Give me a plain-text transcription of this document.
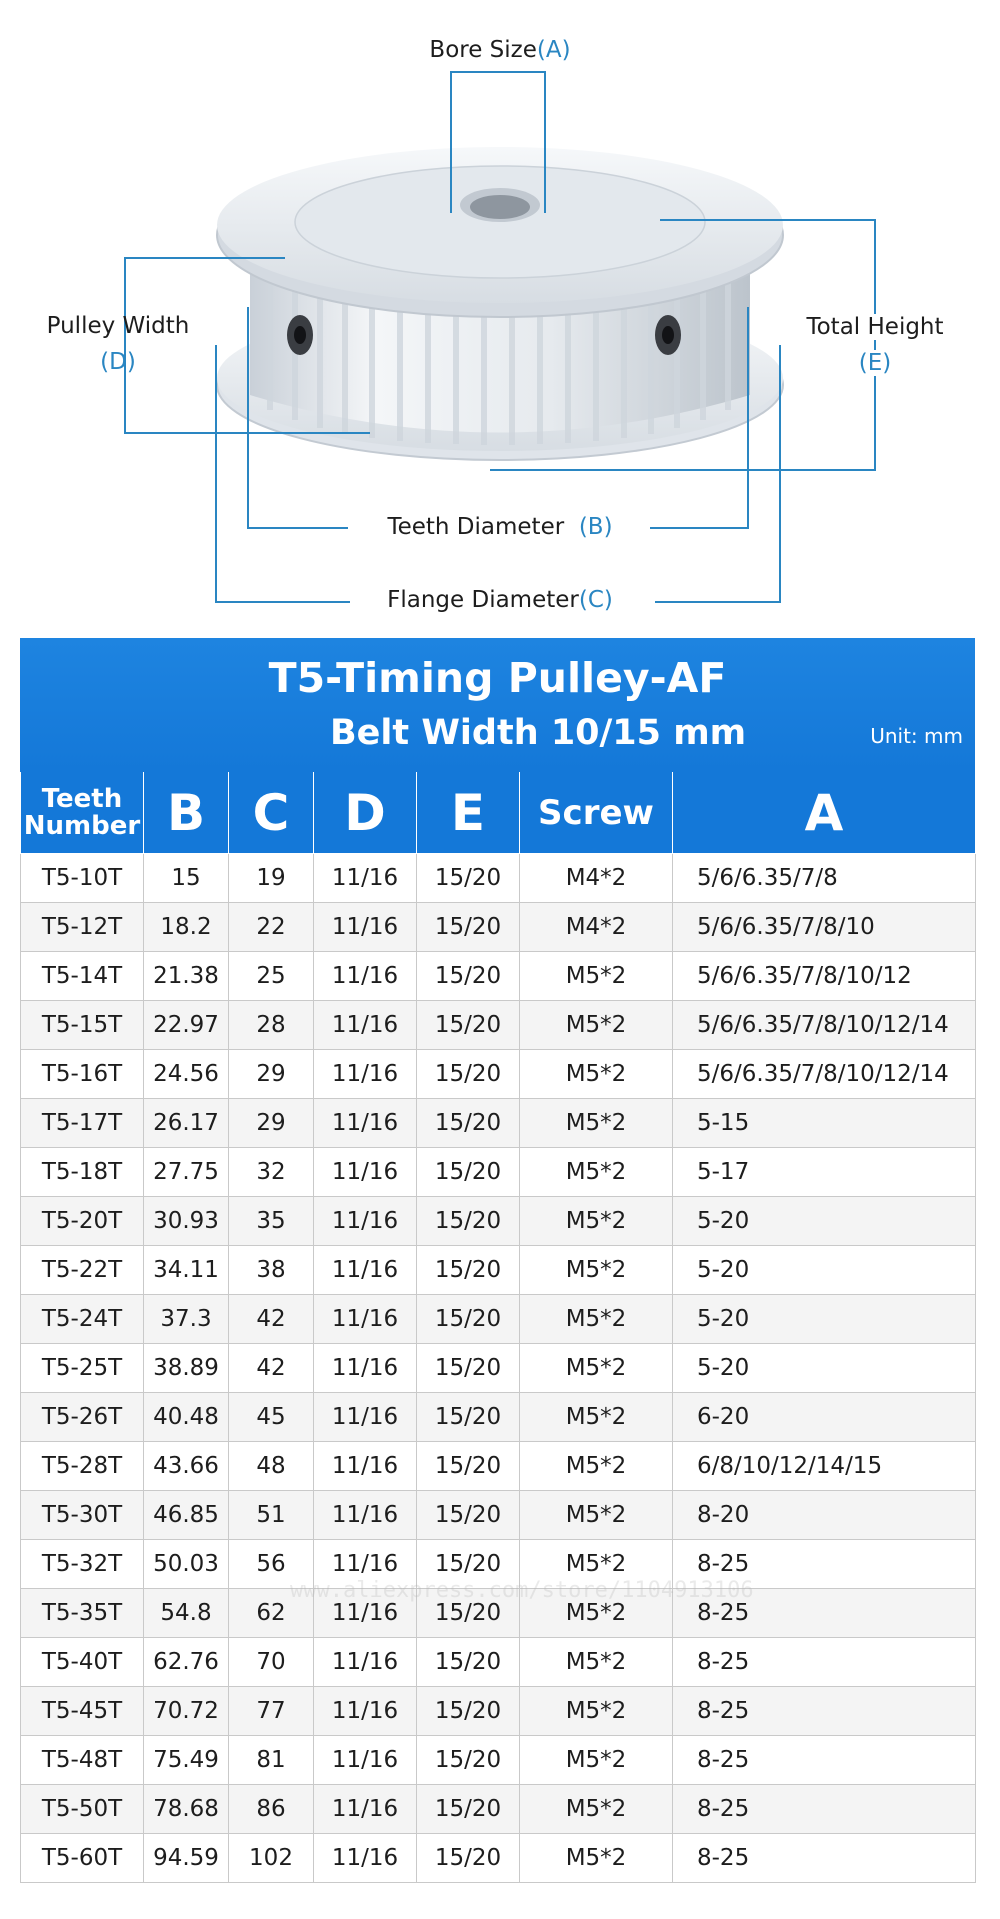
Bore Size(A)
Pulley Width
(D)
Total Height
(E)
Teeth Diameter (B)
Flange Diameter(C)
T5-Timing Pulley-AF
Belt Width 10/15 mm	Unit: mm
Teeth
Number	B	C	D	E	Screw	A
T5-10T	15	19	11/16	15/20	M4*2	5/6/6.35/7/8
T5-12T	18.2	22	11/16	15/20	M4*2	5/6/6.35/7/8/10
T5-14T	21.38	25	11/16	15/20	M5*2	5/6/6.35/7/8/10/12
T5-15T	22.97	28	11/16	15/20	M5*2	5/6/6.35/7/8/10/12/14
T5-16T	24.56	29	11/16	15/20	M5*2	5/6/6.35/7/8/10/12/14
T5-17T	26.17	29	11/16	15/20	M5*2	5-15
T5-18T	27.75	32	11/16	15/20	M5*2	5-17
T5-20T	30.93	35	11/16	15/20	M5*2	5-20
T5-22T	34.11	38	11/16	15/20	M5*2	5-20
T5-24T	37.3	42	11/16	15/20	M5*2	5-20
T5-25T	38.89	42	11/16	15/20	M5*2	5-20
T5-26T	40.48	45	11/16	15/20	M5*2	6-20
T5-28T	43.66	48	11/16	15/20	M5*2	6/8/10/12/14/15
T5-30T	46.85	51	11/16	15/20	M5*2	8-20
T5-32T	50.03	56	11/16	15/20	M5*2	8-25
T5-35T	54.8	62	11/16	15/20	M5*2	8-25
T5-40T	62.76	70	11/16	15/20	M5*2	8-25
T5-45T	70.72	77	11/16	15/20	M5*2	8-25
T5-48T	75.49	81	11/16	15/20	M5*2	8-25
T5-50T	78.68	86	11/16	15/20	M5*2	8-25
T5-60T	94.59	102	11/16	15/20	M5*2	8-25
www.aliexpress.com/store/1104913106
